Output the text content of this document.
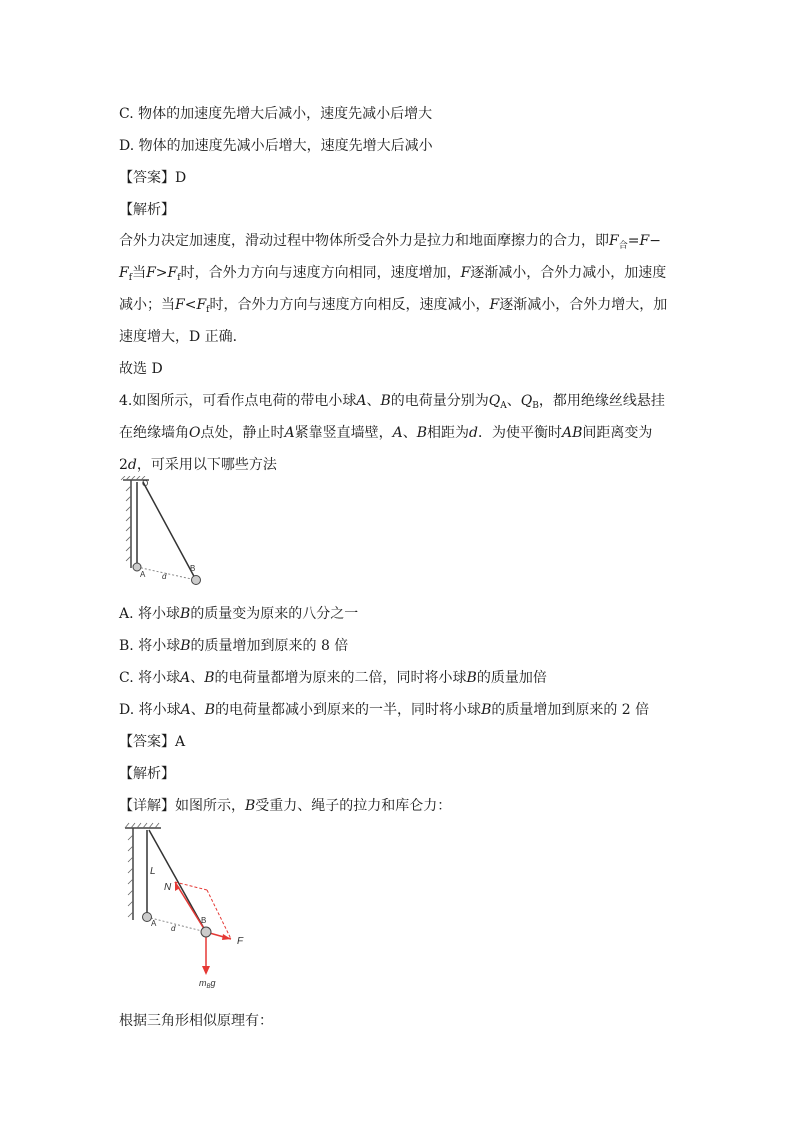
C. 物体的加速度先增大后减小，速度先减小后增大
D. 物体的加速度先减小后增大，速度先增大后减小
【答案】D
【解析】
合外力决定加速度，滑动过程中物体所受合外力是拉力和地面摩擦力的合力，即$F_合=F-$
$F_f$当$F>F_f$时，合外力方向与速度方向相同，速度增加，F逐渐减小，合外力减小，加速度
减小；当$F<F_f$时，合外力方向与速度方向相反，速度减小，F逐渐减小，合外力增大，加
速度增大，D 正确．
故选 D
4.如图所示，可看作点电荷的带电小球A、B的电荷量分别为$Q_A$、$Q_B$，都用绝缘丝线悬挂
在绝缘墙角O点处，静止时A紧靠竖直墙壁，A、B相距为d．为使平衡时AB间距离变为
2d，可采用以下哪些方法
O
A
B
d
A. 将小球B的质量变为原来的八分之一
B. 将小球B的质量增加到原来的 8 倍
C. 将小球A、B的电荷量都增为原来的二倍，同时将小球B的质量加倍
D. 将小球A、B的电荷量都减小到原来的一半，同时将小球B的质量增加到原来的 2 倍
【答案】A
【解析】
【详解】如图所示，B受重力、绳子的拉力和库仑力：
L
N
A	B
d
F
$m_Bg$
根据三角形相似原理有：
